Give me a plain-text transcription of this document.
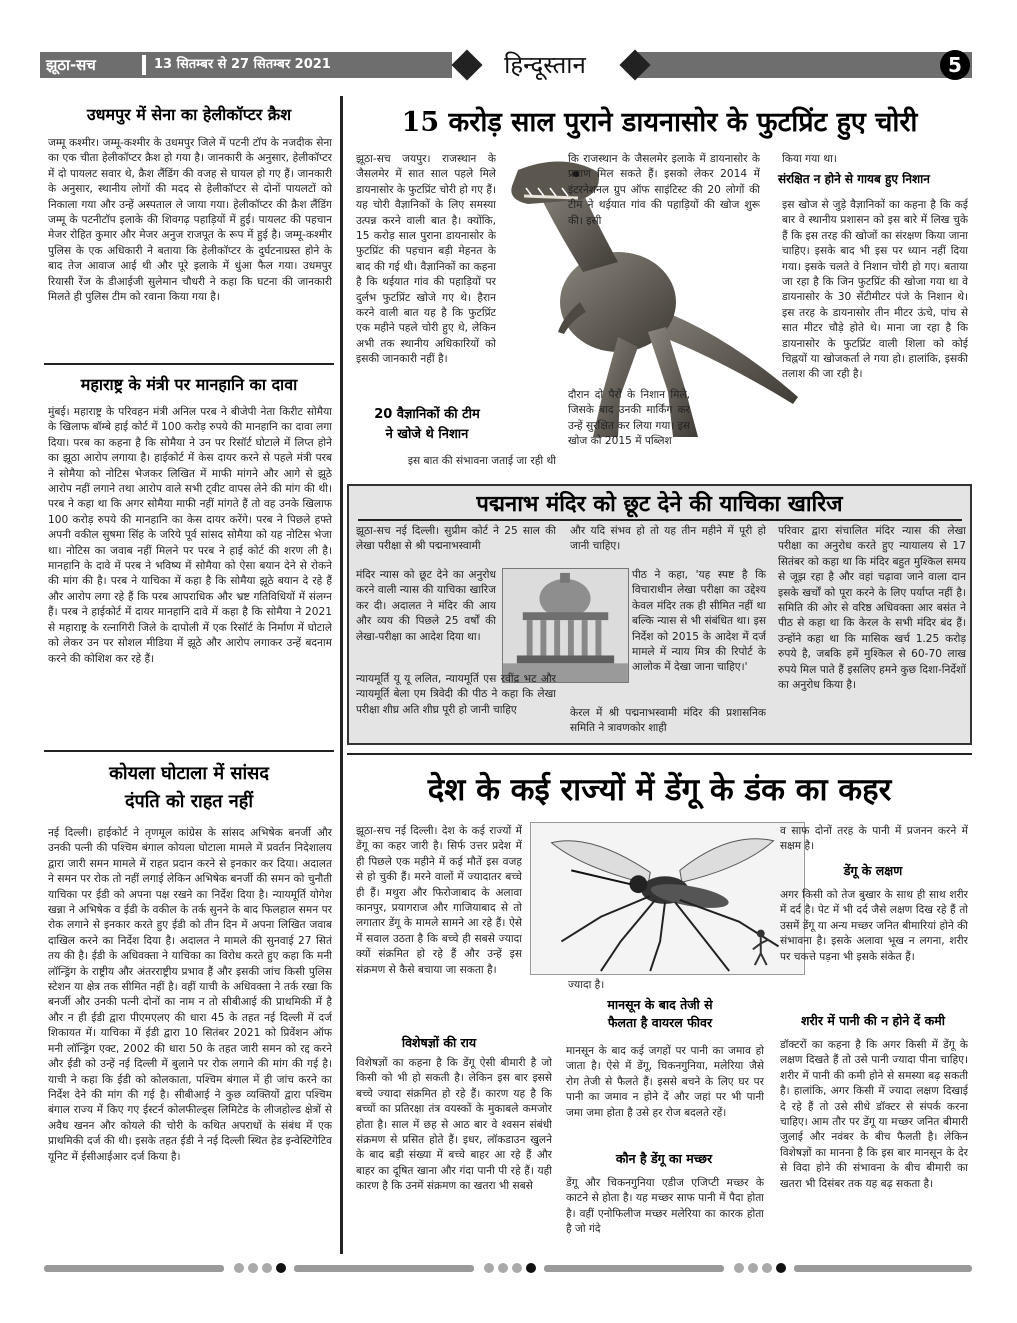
झूठा-सच	13 सितम्बर से 27 सितम्बर 2021	हिन्दूस्तान	5
उधमपुर में सेना का हेलीकॉप्टर क्रैश
जम्मू कश्मीर। जम्मू-कश्मीर के उधमपुर जिले में पटनी टॉप के नजदीक सेना का एक चीता हेलीकॉप्टर क्रैश हो गया है। जानकारी के अनुसार, हेलीकॉप्टर में दो पायलट सवार थे, क्रैश लैंडिंग की वजह से घायल हो गए हैं। जानकारी के अनुसार, स्थानीय लोगों की मदद से हेलीकॉप्टर से दोनों पायलटों को निकाला गया और उन्हें अस्पताल ले जाया गया। हेलीकॉप्टर की क्रैश लैंडिंग जम्मू के पटनीटॉप इलाके की शिवगढ़ पहाड़ियों में हुई। पायलट की पहचान मेजर रोहित कुमार और मेजर अनुज राजपूत के रूप में हुई है। जम्मू-कश्मीर पुलिस के एक अधिकारी ने बताया कि हेलीकॉप्टर के दुर्घटनाग्रस्त होने के बाद तेज आवाज आई थी और पूरे इलाके में धुंआ फैल गया। उधमपुर रियासी रेंज के डीआईजी सुलेमान चौधरी ने कहा कि घटना की जानकारी मिलते ही पुलिस टीम को रवाना किया गया है।
महाराष्ट्र के मंत्री पर मानहानि का दावा
मुंबई। महाराष्ट्र के परिवहन मंत्री अनिल परब ने बीजेपी नेता किरीट सोमैया के खिलाफ बॉम्बे हाई कोर्ट में 100 करोड़ रुपये की मानहानि का दावा लगा दिया। परब का कहना है कि सोमैया ने उन पर रिसॉर्ट घोटाले में लिप्त होने का झूठा आरोप लगाया है। हाईकोर्ट में केस दायर करने से पहले मंत्री परब ने सोमैया को नोटिस भेजकर लिखित में माफी मांगने और आगे से झूठे आरोप नहीं लगाने तथा आरोप वाले सभी ट्वीट वापस लेने की मांग की थी। परब ने कहा था कि अगर सोमैया माफी नहीं मांगते हैं तो वह उनके खिलाफ 100 करोड़ रुपये की मानहानि का केस दायर करेंगे। परब ने पिछले हफ्ते अपनी वकील सुषमा सिंह के जरिये पूर्व सांसद सोमैया को यह नोटिस भेजा था। नोटिस का जवाब नहीं मिलने पर परब ने हाई कोर्ट की शरण ली है। मानहानि के दावे में परब ने भविष्य में सोमैया को ऐसा बयान देने से रोकने की मांग की है। परब ने याचिका में कहा है कि सोमैया झूठे बयान दे रहे हैं और आरोप लगा रहे हैं कि परब आपराधिक और भ्रष्ट गतिविधियों में संलग्न हैं। परब ने हाईकोर्ट में दायर मानहानि दावे में कहा है कि सोमैया ने 2021 से महाराष्ट्र के रत्नागिरी जिले के दापोली में एक रिसॉर्ट के निर्माण में घोटाले को लेकर उन पर सोशल मीडिया में झूठे और आरोप लगाकर उन्हें बदनाम करने की कोशिश कर रहे हैं।
कोयला घोटाला में सांसद
दंपति को राहत नहीं
नई दिल्ली। हाईकोर्ट ने तृणमूल कांग्रेस के सांसद अभिषेक बनर्जी और उनकी पत्नी की पश्चिम बंगाल कोयला घोटाला मामले में प्रवर्तन निदेशालय द्वारा जारी समन मामले में राहत प्रदान करने से इनकार कर दिया। अदालत ने समन पर रोक तो नहीं लगाई लेकिन अभिषेक बनर्जी की समन को चुनौती याचिका पर ईडी को अपना पक्ष रखने का निर्देश दिया है। न्यायमूर्ति योगेश खन्ना ने अभिषेक व ईडी के वकील के तर्क सुनने के बाद फिलहाल समन पर रोक लगाने से इनकार करते हुए ईडी को तीन दिन में अपना लिखित जवाब दाखिल करने का निर्देश दिया है। अदालत ने मामले की सुनवाई 27 सितं तय की है। ईडी के अधिवक्ता ने याचिका का विरोध करते हुए कहा कि मनी लॉन्ड्रिंग के राष्ट्रीय और अंतरराष्ट्रीय प्रभाव हैं और इसकी जांच किसी पुलिस स्टेशन या क्षेत्र तक सीमित नहीं है। वहीं याची के अधिवक्ता ने तर्क रखा कि बनर्जी और उनकी पत्नी दोनों का नाम न तो सीबीआई की प्राथमिकी में है और न ही ईडी द्वारा पीएमएलए की धारा 45 के तहत नई दिल्ली में दर्ज शिकायत में। याचिका में ईडी द्वारा 10 सितंबर 2021 को प्रिवेंशन ऑफ मनी लॉन्ड्रिंग एक्ट, 2002 की धारा 50 के तहत जारी समन को रद्द करने और ईडी को उन्हें नई दिल्ली में बुलाने पर रोक लगाने की मांग की गई है। याची ने कहा कि ईडी को कोलकाता, पश्चिम बंगाल में ही जांच करने का निर्देश देने की मांग की गई है। सीबीआई ने कुछ व्यक्तियों द्वारा पश्चिम बंगाल राज्य में किए गए ईस्टर्न कोलफील्ड्स लिमिटेड के लीजहोल्ड क्षेत्रों से अवैध खनन और कोयले की चोरी के कथित अपराधों के संबंध में एक प्राथमिकी दर्ज की थी। इसके तहत ईडी ने नई दिल्ली स्थित हेड इन्वेस्टिगेटिव यूनिट में ईसीआईआर दर्ज किया है।
15 करोड़ साल पुराने डायनासोर के फुटप्रिंट हुए चोरी
झूठा-सच जयपुर। राजस्थान के जैसलमेर में सात साल पहले मिले डायनासोर के फुटप्रिंट चोरी हो गए हैं। यह चोरी वैज्ञानिकों के लिए समस्या उत्पन्न करने वाली बात है। क्योंकि, 15 करोड़ साल पुराना डायनासोर के फुटप्रिंट की पहचान बड़ी मेहनत के बाद की गई थी। वैज्ञानिकों का कहना है कि थईयात गांव की पहाड़ियों पर दुर्लभ फुटप्रिंट खोजे गए थे। हैरान करने वाली बात यह है कि फुटप्रिंट एक महीने पहले चोरी हुए थे, लेकिन अभी तक स्थानीय अधिकारियों को इसकी जानकारी नहीं है।
20 वैज्ञानिकों की टीम
ने खोजे थे निशान
इस बात की संभावना जताई जा रही थी
कि राजस्थान के जैसलमेर इलाके में डायनासोर के प्रमाण मिल सकते हैं। इसको लेकर 2014 में इंटरनेशनल ग्रुप ऑफ साइंटिस्ट की 20 लोगों की टीम ने थईयात गांव की पहाड़ियों की खोज शुरू की। इसी
दौरान दो पैरों के निशान मिले, जिसके बाद उनकी मार्किंग कर उन्हें सुरक्षित कर लिया गया। इस खोज को 2015 में पब्लिश
किया गया था।
संरक्षित न होने से गायब हुए निशान
इस खोज से जुड़े वैज्ञानिकों का कहना है कि कई बार वे स्थानीय प्रशासन को इस बारे में लिख चुके हैं कि इस तरह की खोजों का संरक्षण किया जाना चाहिए। इसके बाद भी इस पर ध्यान नहीं दिया गया। इसके चलते वे निशान चोरी हो गए। बताया जा रहा है कि जिन फुटप्रिंट की खोजा गया था वे डायनासोर के 30 सेंटीमीटर पंजे के निशान थे। इस तरह के डायनासोर तीन मीटर ऊंचे, पांच से सात मीटर चौड़े होते थे। माना जा रहा है कि डायनासोर के फुटप्रिंट वाली शिला को कोई चिह्नयों या खोजकर्ता ले गया हो। हालांकि, इसकी तलाश की जा रही है।
पद्मनाभ मंदिर को छूट देने की याचिका खारिज
झूठा-सच नई दिल्ली। सुप्रीम कोर्ट ने 25 साल की लेखा परीक्षा से श्री पद्मनाभस्वामी
मंदिर न्यास को छूट देने का अनुरोध करने वाली न्यास की याचिका खारिज कर दी। अदालत ने मंदिर की आय और व्यय की पिछले 25 वर्षों की लेखा-परीक्षा का आदेश दिया था।
न्यायमूर्ति यू यू ललित, न्यायमूर्ति एस रवींद्र भट और न्यायमूर्ति बेला एम त्रिवेदी की पीठ ने कहा कि लेखा परीक्षा शीघ्र अति शीघ्र पूरी हो जानी चाहिए
और यदि संभव हो तो यह तीन महीने में पूरी हो जानी चाहिए।
पीठ ने कहा, 'यह स्पष्ट है कि विचाराधीन लेखा परीक्षा का उद्देश्य केवल मंदिर तक ही सीमित नहीं था बल्कि न्यास से भी संबंधित था। इस निर्देश को 2015 के आदेश में दर्ज मामले में न्याय मित्र की रिपोर्ट के आलोक में देखा जाना चाहिए।'
केरल में श्री पद्मनाभस्वामी मंदिर की प्रशासनिक समिति ने त्रावणकोर शाही
परिवार द्वारा संचालित मंदिर न्यास की लेखा परीक्षा का अनुरोध करते हुए न्यायालय से 17 सितंबर को कहा था कि मंदिर बहुत मुश्किल समय से जूझ रहा है और वहां चढ़ावा जाने वाला दान इसके खर्चों को पूरा करने के लिए पर्याप्त नहीं है। समिति की ओर से वरिष्ठ अधिवक्ता आर बसंत ने पीठ से कहा था कि केरल के सभी मंदिर बंद हैं। उन्होंने कहा था कि मासिक खर्च 1.25 करोड़ रुपये है, जबकि हमें मुश्किल से 60-70 लाख रुपये मिल पाते हैं इसलिए हमने कुछ दिशा-निर्देशों का अनुरोध किया है।
देश के कई राज्यों में डेंगू के डंक का कहर
झूठा-सच नई दिल्ली। देश के कई राज्यों में डेंगू का कहर जारी है। सिर्फ उत्तर प्रदेश में ही पिछले एक महीने में कई मौतें इस वजह से हो चुकी हैं। मरने वालों में ज्यादातर बच्चे ही हैं। मथुरा और फिरोजाबाद के अलावा कानपुर, प्रयागराज और गाजियाबाद से तो लगातार डेंगू के मामले सामने आ रहे हैं। ऐसे में सवाल उठता है कि बच्चे ही सबसे ज्यादा क्यों संक्रमित हो रहे हैं और उन्हें इस संक्रमण से कैसे बचाया जा सकता है।
ज्यादा है।
मानसून के बाद तेजी से
फैलता है वायरल फीवर
विशेषज्ञों की राय
विशेषज्ञों का कहना है कि डेंगू ऐसी बीमारी है जो किसी को भी हो सकती है। लेकिन इस बार इससे बच्चे ज्यादा संक्रमित हो रहे हैं। कारण यह है कि बच्चों का प्रतिरक्षा तंत्र वयस्कों के मुकाबले कमजोर होता है। साल में छह से आठ बार वे श्वसन संबंधी संक्रमण से प्रसित होते हैं। इधर, लॉकडाउन खुलने के बाद बड़ी संख्या में बच्चे बाहर आ रहे हैं और बाहर का दूषित खाना और गंदा पानी पी रहे हैं। यही कारण है कि उनमें संक्रमण का खतरा भी सबसे
मानसून के बाद कई जगहों पर पानी का जमाव हो जाता है। ऐसे में डेंगू, चिकनगुनिया, मलेरिया जैसे रोग तेजी से फैलते हैं। इससे बचने के लिए घर पर पानी का जमाव न होने दें और जहां पर भी पानी जमा जमा होता है उसे हर रोज बदलते रहें।
कौन है डेंगू का मच्छर
डेंगू और चिकनगुनिया एडीज एजिप्टी मच्छर के काटने से होता है। यह मच्छर साफ पानी में पैदा होता है। वहीं एनोफिलीज मच्छर मलेरिया का कारक होता है जो गंदे
व साफ दोनों तरह के पानी में प्रजनन करने में सक्षम है।
डेंगू के लक्षण
अगर किसी को तेज बुखार के साथ ही साथ शरीर में दर्द है। पेट में भी दर्द जैसे लक्षण दिख रहे हैं तो उसमें डेंगू या अन्य मच्छर जनित बीमारियां होने की संभावना है। इसके अलावा भूख न लगना, शरीर पर चकत्ते पड़ना भी इसके संकेत हैं।
शरीर में पानी की न होने दें कमी
डॉक्टरों का कहना है कि अगर किसी में डेंगू के लक्षण दिखते हैं तो उसे पानी ज्यादा पीना चाहिए। शरीर में पानी की कमी होने से समस्या बढ़ सकती है। हालांकि, अगर किसी में ज्यादा लक्षण दिखाई दे रहे हैं तो उसे सीधे डॉक्टर से संपर्क करना चाहिए। आम तौर पर डेंगू या मच्छर जनित बीमारी जुलाई और नवंबर के बीच फैलती है। लेकिन विशेषज्ञों का मानना है कि इस बार मानसून के देर से विदा होने की संभावना के बीच बीमारी का खतरा भी दिसंबर तक यह बढ़ सकता है।
